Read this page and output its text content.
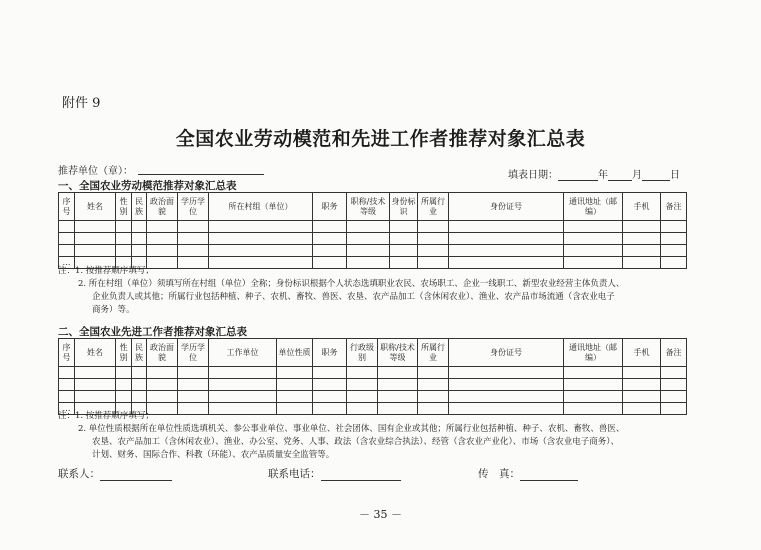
附件 9
全国农业劳动模范和先进工作者推荐对象汇总表
推荐单位（章）：	填表日期：	年 月	日
一、全国农业劳动模范推荐对象汇总表
序号	姓名	性别	民族	政治面貌	学历学位	所在村组（单位）	职务	职称/技术等级	身份标识	所属行业	身份证号	通讯地址（邮编）	手机	备注

…														
注：1. 按推荐顺序填写；
2. 所在村组（单位）须填写所在村组（单位）全称；身份标识根据个人状态选填职业农民、农场职工、企业一线职工、新型农业经营主体负责人、
企业负责人或其他；所属行业包括种植、种子、农机、畜牧、兽医、农垦、农产品加工（含休闲农业）、渔业、农产品市场流通（含农业电子
商务）等。
二、全国农业先进工作者推荐对象汇总表
序号	姓名	性别	民族	政治面貌	学历学位	工作单位	单位性质	职务	行政级别	职称/技术等级	所属行业	身份证号	通讯地址（邮编）	手机	备注

…															
注：1. 按推荐顺序填写；
2. 单位性质根据所在单位性质选填机关、参公事业单位、事业单位、社会团体、国有企业或其他；所属行业包括种植、种子、农机、畜牧、兽医、
农垦、农产品加工（含休闲农业）、渔业、办公室、党务、人事、政法（含农业综合执法）、经管（含农业产业化）、市场（含农业电子商务）、
计划、财务、国际合作、科教（环能）、农产品质量安全监管等。
联系人：	联系电话：	传　真：
－ 35 －
